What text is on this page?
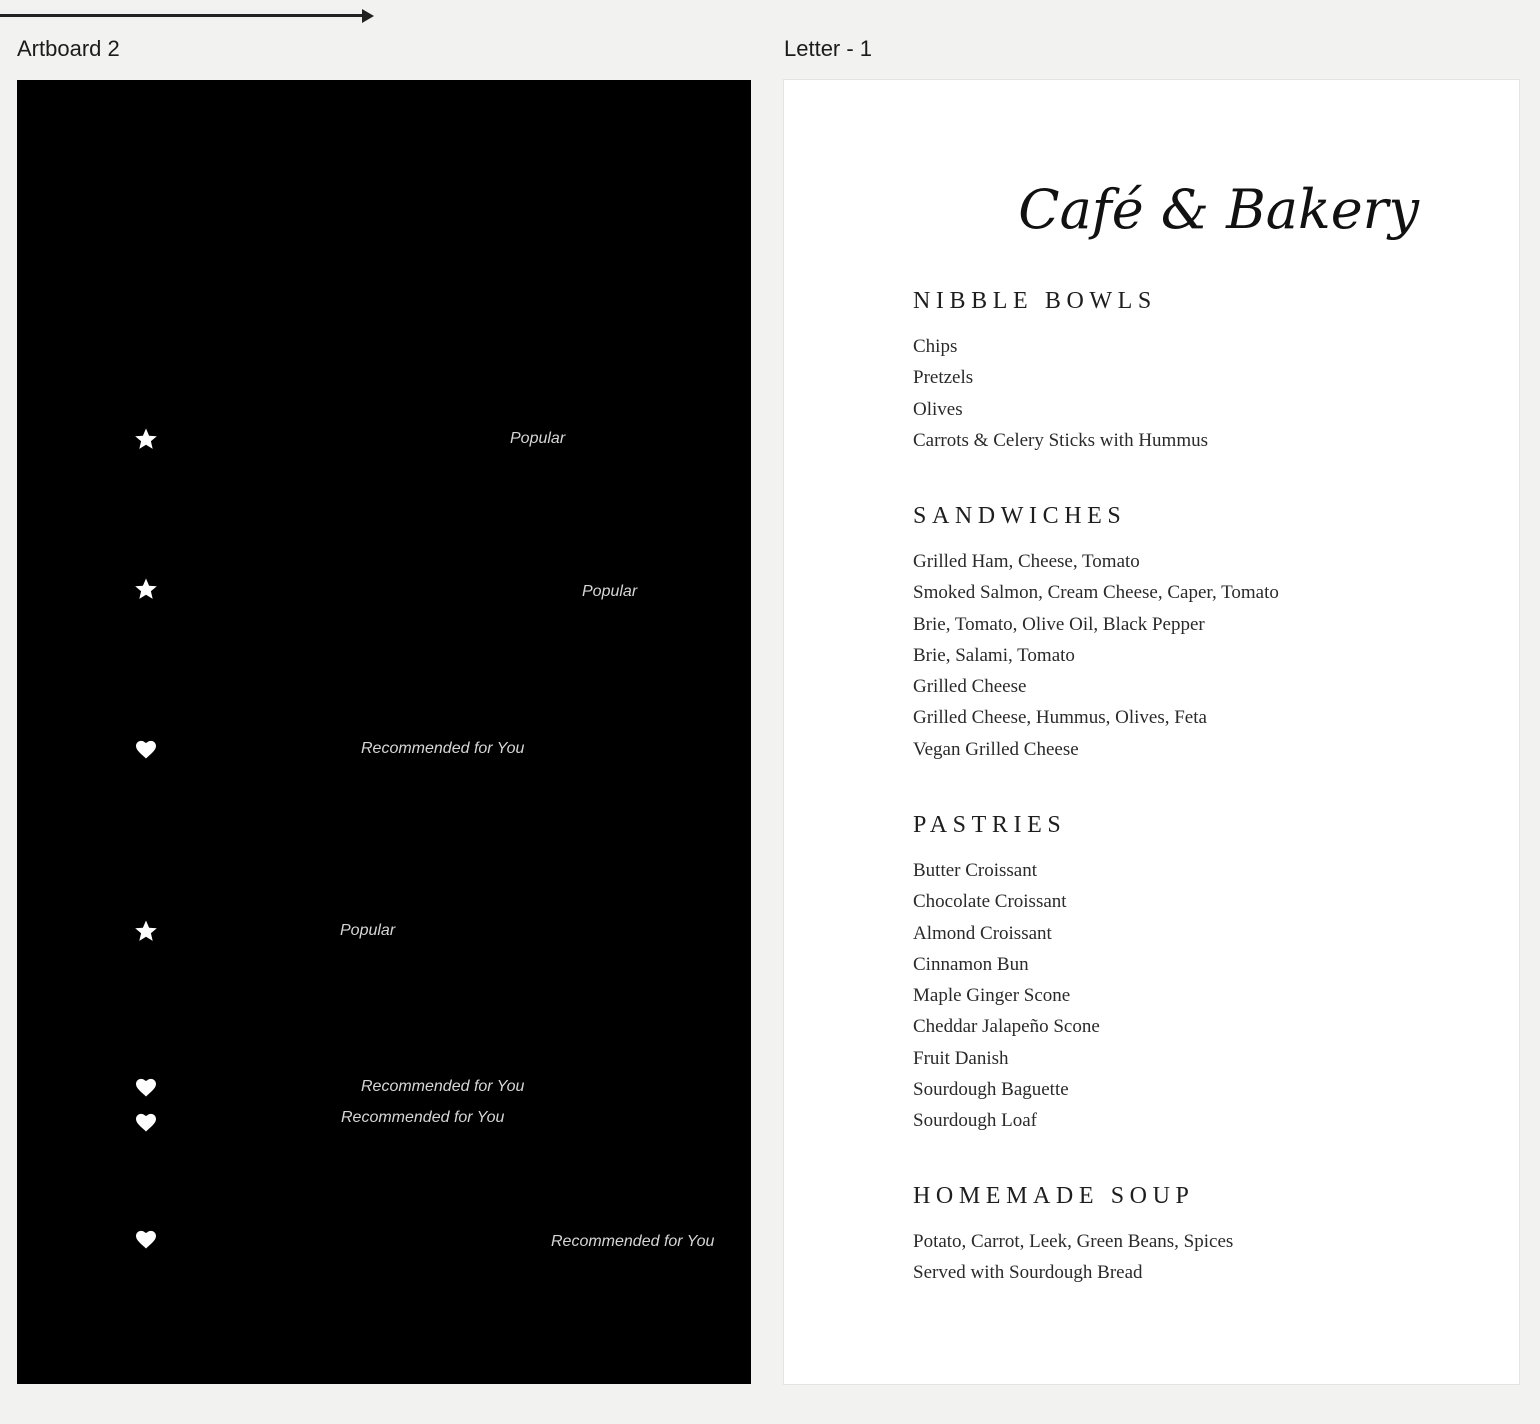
Artboard 2	Letter - 1
Popular
Popular
Recommended for You
Popular
Recommended for You
Recommended for You
Recommended for You
Café & Bakery
NIBBLE BOWLS
Chips
Pretzels
Olives
Carrots & Celery Sticks with Hummus
SANDWICHES
Grilled Ham, Cheese, Tomato
Smoked Salmon, Cream Cheese, Caper, Tomato
Brie, Tomato, Olive Oil, Black Pepper
Brie, Salami, Tomato
Grilled Cheese
Grilled Cheese, Hummus, Olives, Feta
Vegan Grilled Cheese
PASTRIES
Butter Croissant
Chocolate Croissant
Almond Croissant
Cinnamon Bun
Maple Ginger Scone
Cheddar Jalapeño Scone
Fruit Danish
Sourdough Baguette
Sourdough Loaf
HOMEMADE SOUP
Potato, Carrot, Leek, Green Beans, Spices
Served with Sourdough Bread
